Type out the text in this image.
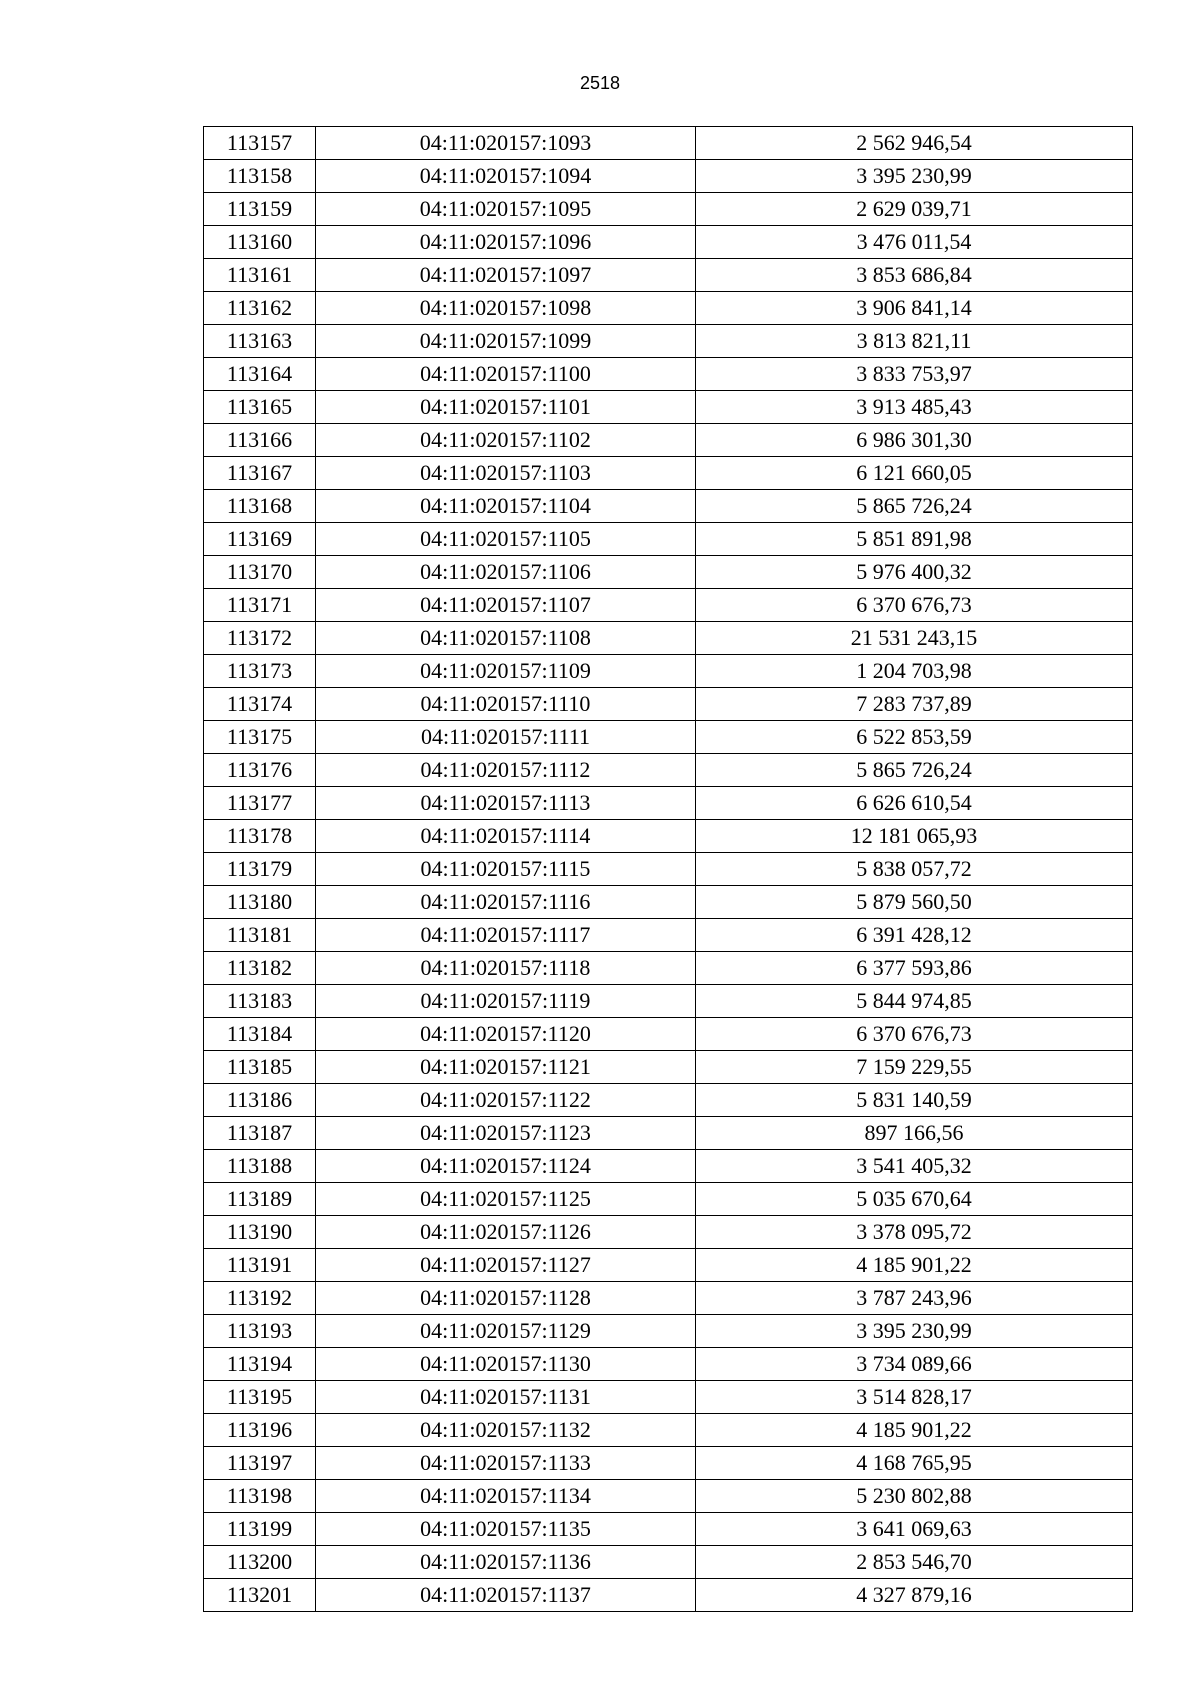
2518
113157	04:11:020157:1093	2 562 946,54
113158	04:11:020157:1094	3 395 230,99
113159	04:11:020157:1095	2 629 039,71
113160	04:11:020157:1096	3 476 011,54
113161	04:11:020157:1097	3 853 686,84
113162	04:11:020157:1098	3 906 841,14
113163	04:11:020157:1099	3 813 821,11
113164	04:11:020157:1100	3 833 753,97
113165	04:11:020157:1101	3 913 485,43
113166	04:11:020157:1102	6 986 301,30
113167	04:11:020157:1103	6 121 660,05
113168	04:11:020157:1104	5 865 726,24
113169	04:11:020157:1105	5 851 891,98
113170	04:11:020157:1106	5 976 400,32
113171	04:11:020157:1107	6 370 676,73
113172	04:11:020157:1108	21 531 243,15
113173	04:11:020157:1109	1 204 703,98
113174	04:11:020157:1110	7 283 737,89
113175	04:11:020157:1111	6 522 853,59
113176	04:11:020157:1112	5 865 726,24
113177	04:11:020157:1113	6 626 610,54
113178	04:11:020157:1114	12 181 065,93
113179	04:11:020157:1115	5 838 057,72
113180	04:11:020157:1116	5 879 560,50
113181	04:11:020157:1117	6 391 428,12
113182	04:11:020157:1118	6 377 593,86
113183	04:11:020157:1119	5 844 974,85
113184	04:11:020157:1120	6 370 676,73
113185	04:11:020157:1121	7 159 229,55
113186	04:11:020157:1122	5 831 140,59
113187	04:11:020157:1123	897 166,56
113188	04:11:020157:1124	3 541 405,32
113189	04:11:020157:1125	5 035 670,64
113190	04:11:020157:1126	3 378 095,72
113191	04:11:020157:1127	4 185 901,22
113192	04:11:020157:1128	3 787 243,96
113193	04:11:020157:1129	3 395 230,99
113194	04:11:020157:1130	3 734 089,66
113195	04:11:020157:1131	3 514 828,17
113196	04:11:020157:1132	4 185 901,22
113197	04:11:020157:1133	4 168 765,95
113198	04:11:020157:1134	5 230 802,88
113199	04:11:020157:1135	3 641 069,63
113200	04:11:020157:1136	2 853 546,70
113201	04:11:020157:1137	4 327 879,16
